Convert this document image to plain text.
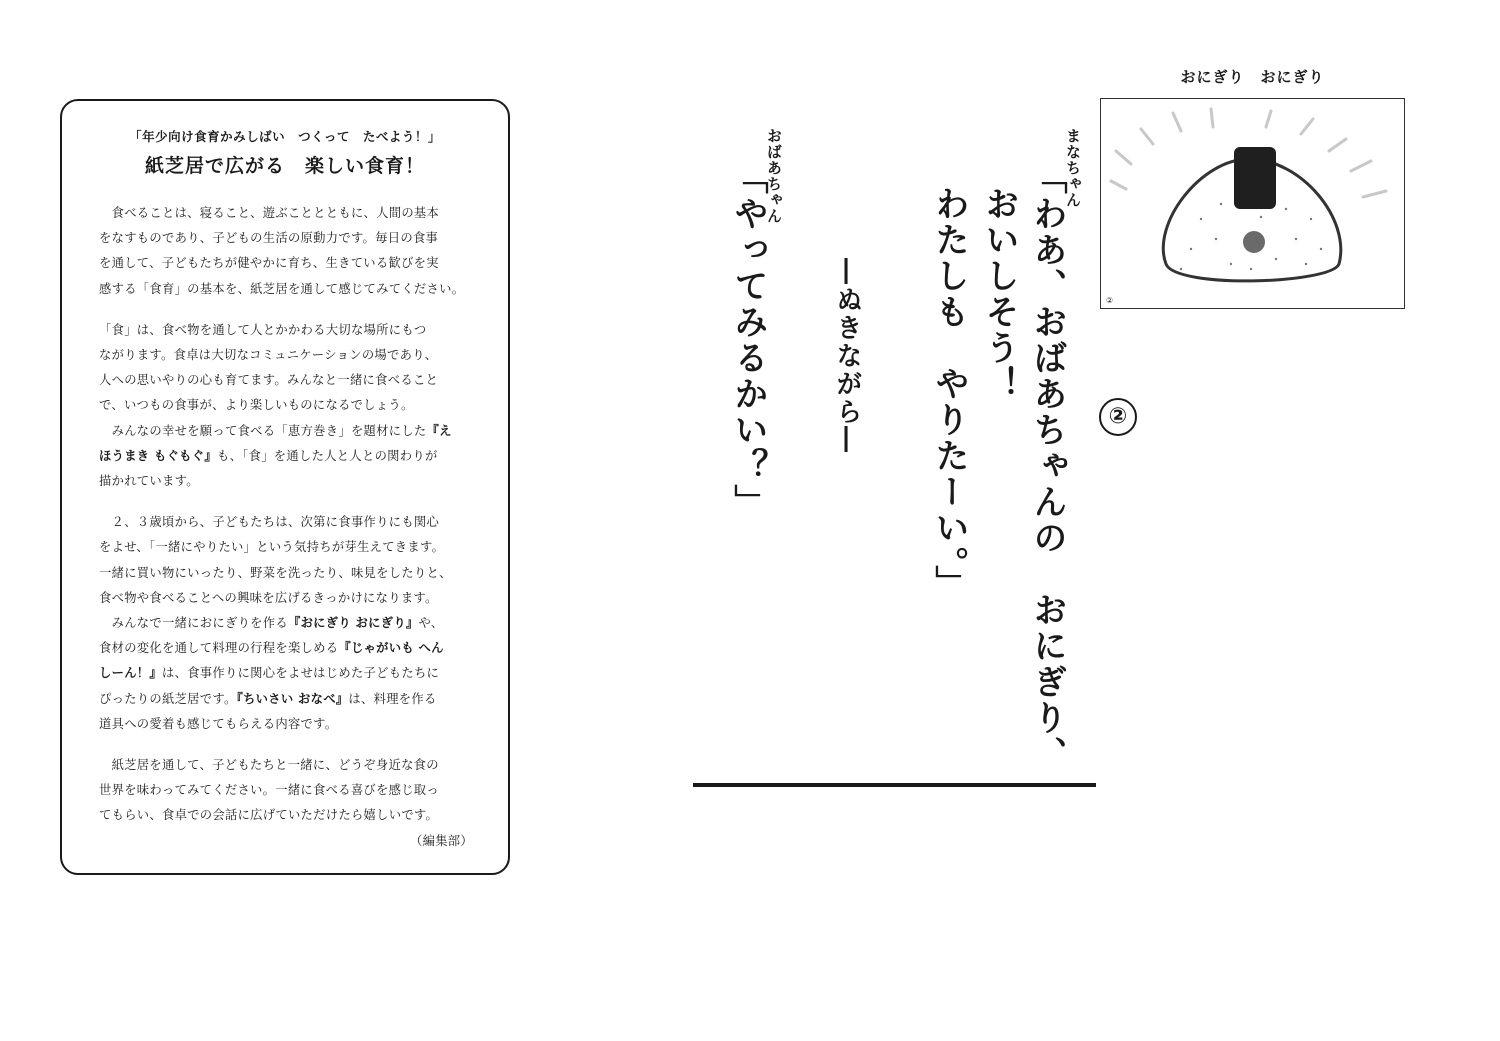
「年少向け食育かみしばい　つくって　たべよう！」
紙芝居で広がる　楽しい食育！
　食べることは、寝ること、遊ぶこととともに、人間の基本
をなすものであり、子どもの生活の原動力です。毎日の食事
を通して、子どもたちが健やかに育ち、生きている歓びを実
感する「食育」の基本を、紙芝居を通して感じてみてください。
「食」は、食べ物を通して人とかかわる大切な場所にもつ
ながります。食卓は大切なコミュニケーションの場であり、
人への思いやりの心も育てます。みんなと一緒に食べること
で、いつもの食事が、より楽しいものになるでしょう。
　みんなの幸せを願って食べる「恵方巻き」を題材にした『え
ほうまき もぐもぐ』も、「食」を通した人と人との関わりが
描かれています。
　２、３歳頃から、子どもたちは、次第に食事作りにも関心
をよせ、「一緒にやりたい」という気持ちが芽生えてきます。
一緒に買い物にいったり、野菜を洗ったり、味見をしたりと、
食べ物や食べることへの興味を広げるきっかけになります。
　みんなで一緒におにぎりを作る『おにぎり おにぎり』や、
食材の変化を通して料理の行程を楽しめる『じゃがいも へん
しーん！』は、食事作りに関心をよせはじめた子どもたちに
ぴったりの紙芝居です。『ちいさい おなべ』は、料理を作る
道具への愛着も感じてもらえる内容です。
　紙芝居を通して、子どもたちと一緒に、どうぞ身近な食の
世界を味わってみてください。一緒に食べる喜びを感じ取っ
てもらい、食卓での会話に広げていただけたら嬉しいです。
（編集部）
おにぎり　おにぎり
②
まなちゃん
「わあ、おばあちゃんの　おにぎり、
おいしそう！
わたしも　やりたーい。」
―ぬきながら―
おばあちゃん
「やってみるかい？」	②
